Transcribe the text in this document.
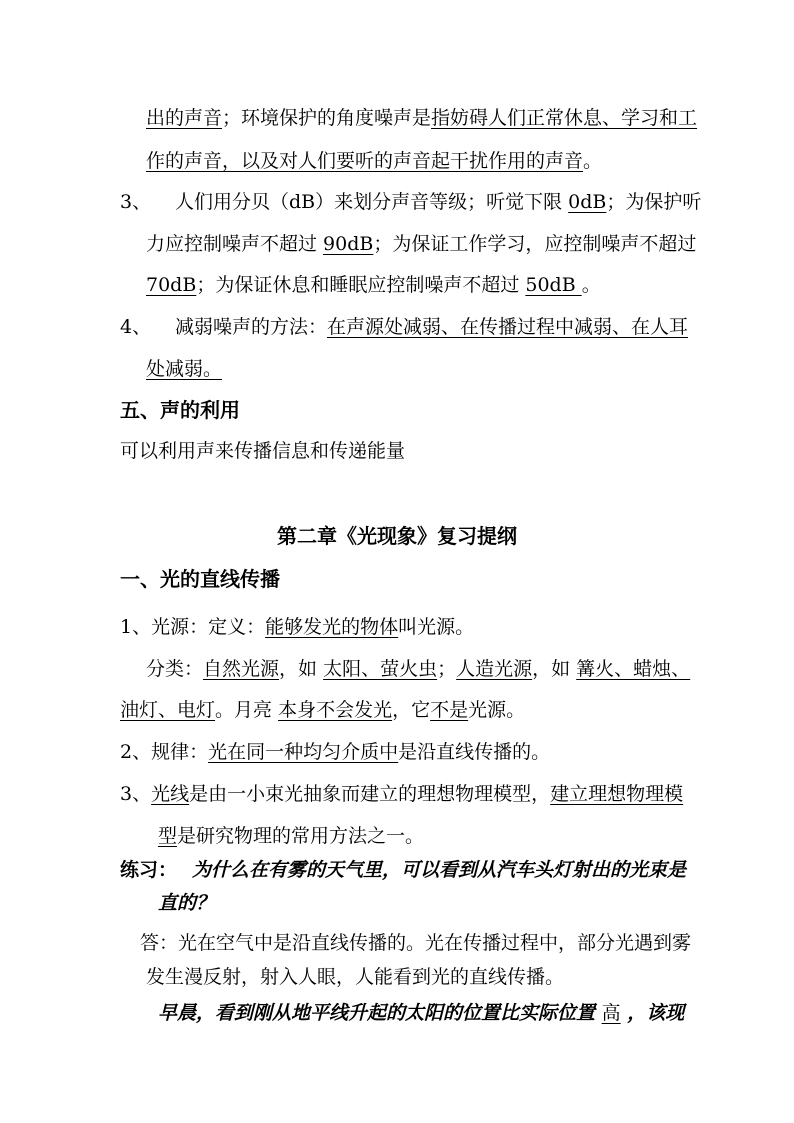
出的声音；环境保护的角度噪声是指妨碍人们正常休息、学习和工
作的声音，以及对人们要听的声音起干扰作用的声音。
3、 人们用分贝（dB）来划分声音等级；听觉下限 0dB；为保护听
力应控制噪声不超过 90dB；为保证工作学习，应控制噪声不超过
70dB；为保证休息和睡眠应控制噪声不超过 50dB 。
4、 减弱噪声的方法：在声源处减弱、在传播过程中减弱、在人耳
处减弱。
五、声的利用
可以利用声来传播信息和传递能量
第二章《光现象》复习提纲
一、光的直线传播
1、光源：定义：能够发光的物体叫光源。
分类：自然光源，如 太阳、萤火虫；人造光源，如 篝火、蜡烛、
油灯、电灯。月亮 本身不会发光，它不是光源。
2、规律：光在同一种均匀介质中是沿直线传播的。
3、光线是由一小束光抽象而建立的理想物理模型，建立理想物理模
型是研究物理的常用方法之一。
练习： 为什么在有雾的天气里，可以看到从汽车头灯射出的光束是
直的？
答：光在空气中是沿直线传播的。光在传播过程中，部分光遇到雾
发生漫反射，射入人眼，人能看到光的直线传播。
早晨，看到刚从地平线升起的太阳的位置比实际位置 高 ，该现
